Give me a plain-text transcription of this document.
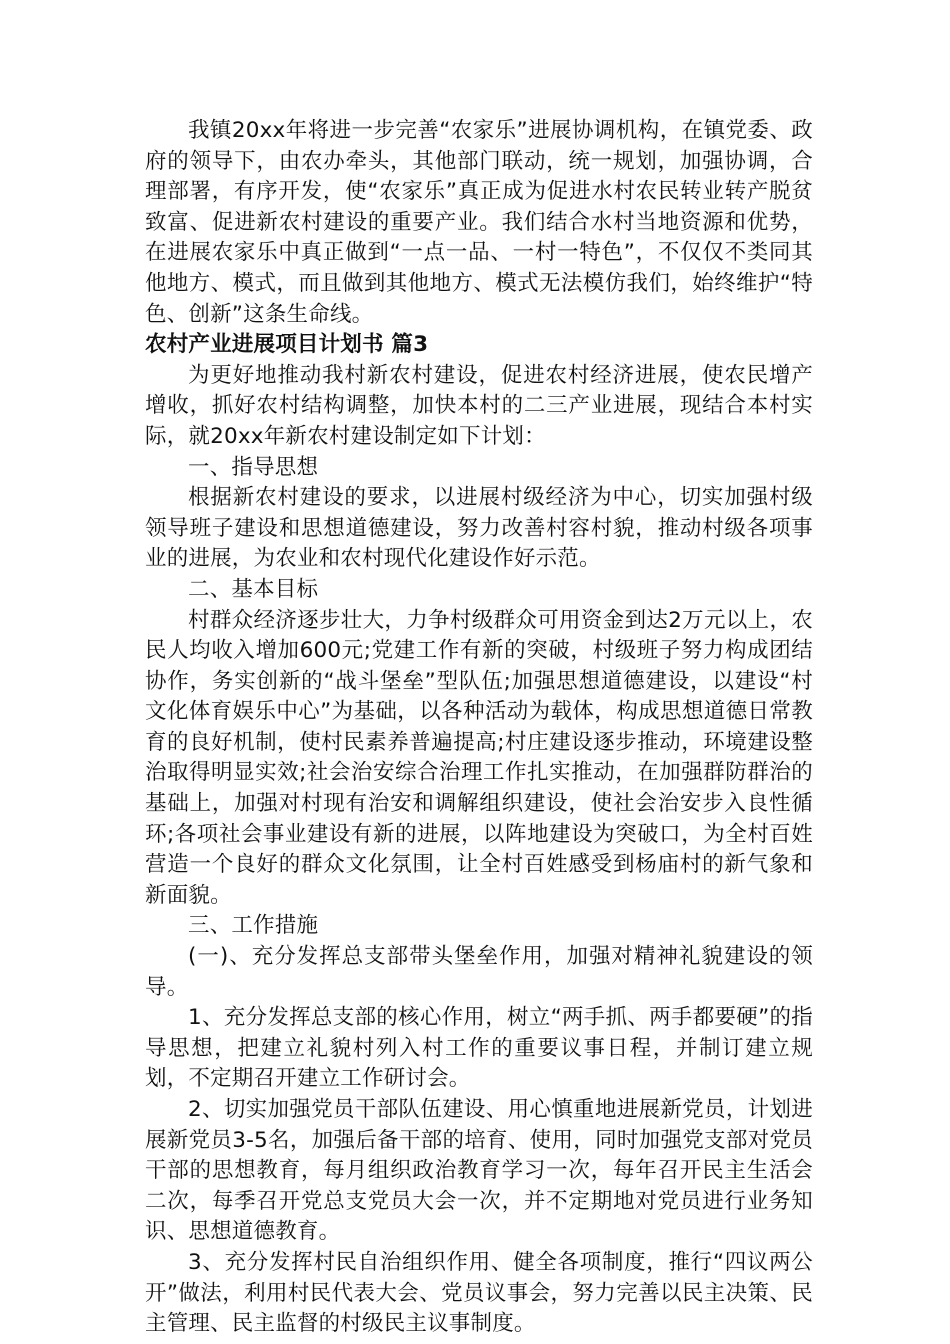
我镇20xx年将进一步完善“农家乐”进展协调机构，在镇党委、政府的领导下，由农办牵头，其他部门联动，统一规划，加强协调，合理部署，有序开发，使“农家乐”真正成为促进水村农民转业转产脱贫致富、促进新农村建设的重要产业。我们结合水村当地资源和优势，在进展农家乐中真正做到“一点一品、一村一特色”，不仅仅不类同其他地方、模式，而且做到其他地方、模式无法模仿我们，始终维护“特色、创新”这条生命线。

农村产业进展项目计划书 篇3

为更好地推动我村新农村建设，促进农村经济进展，使农民增产增收，抓好农村结构调整，加快本村的二三产业进展，现结合本村实际，就20xx年新农村建设制定如下计划：

一、指导思想

根据新农村建设的要求，以进展村级经济为中心，切实加强村级领导班子建设和思想道德建设，努力改善村容村貌，推动村级各项事业的进展，为农业和农村现代化建设作好示范。

二、基本目标

村群众经济逐步壮大，力争村级群众可用资金到达2万元以上，农民人均收入增加600元;党建工作有新的突破，村级班子努力构成团结协作，务实创新的“战斗堡垒”型队伍;加强思想道德建设，以建设“村文化体育娱乐中心”为基础，以各种活动为载体，构成思想道德日常教育的良好机制，使村民素养普遍提高;村庄建设逐步推动，环境建设整治取得明显实效;社会治安综合治理工作扎实推动，在加强群防群治的基础上，加强对村现有治安和调解组织建设，使社会治安步入良性循环;各项社会事业建设有新的进展，以阵地建设为突破口，为全村百姓营造一个良好的群众文化氛围，让全村百姓感受到杨庙村的新气象和新面貌。

三、工作措施

(一)、充分发挥总支部带头堡垒作用，加强对精神礼貌建设的领导。

1、充分发挥总支部的核心作用，树立“两手抓、两手都要硬”的指导思想，把建立礼貌村列入村工作的重要议事日程，并制订建立规划，不定期召开建立工作研讨会。

2、切实加强党员干部队伍建设、用心慎重地进展新党员，计划进展新党员3-5名，加强后备干部的培育、使用，同时加强党支部对党员干部的思想教育，每月组织政治教育学习一次，每年召开民主生活会二次，每季召开党总支党员大会一次，并不定期地对党员进行业务知识、思想道德教育。

3、充分发挥村民自治组织作用、健全各项制度，推行“四议两公开”做法，利用村民代表大会、党员议事会，努力完善以民主决策、民主管理、民主监督的村级民主议事制度。
